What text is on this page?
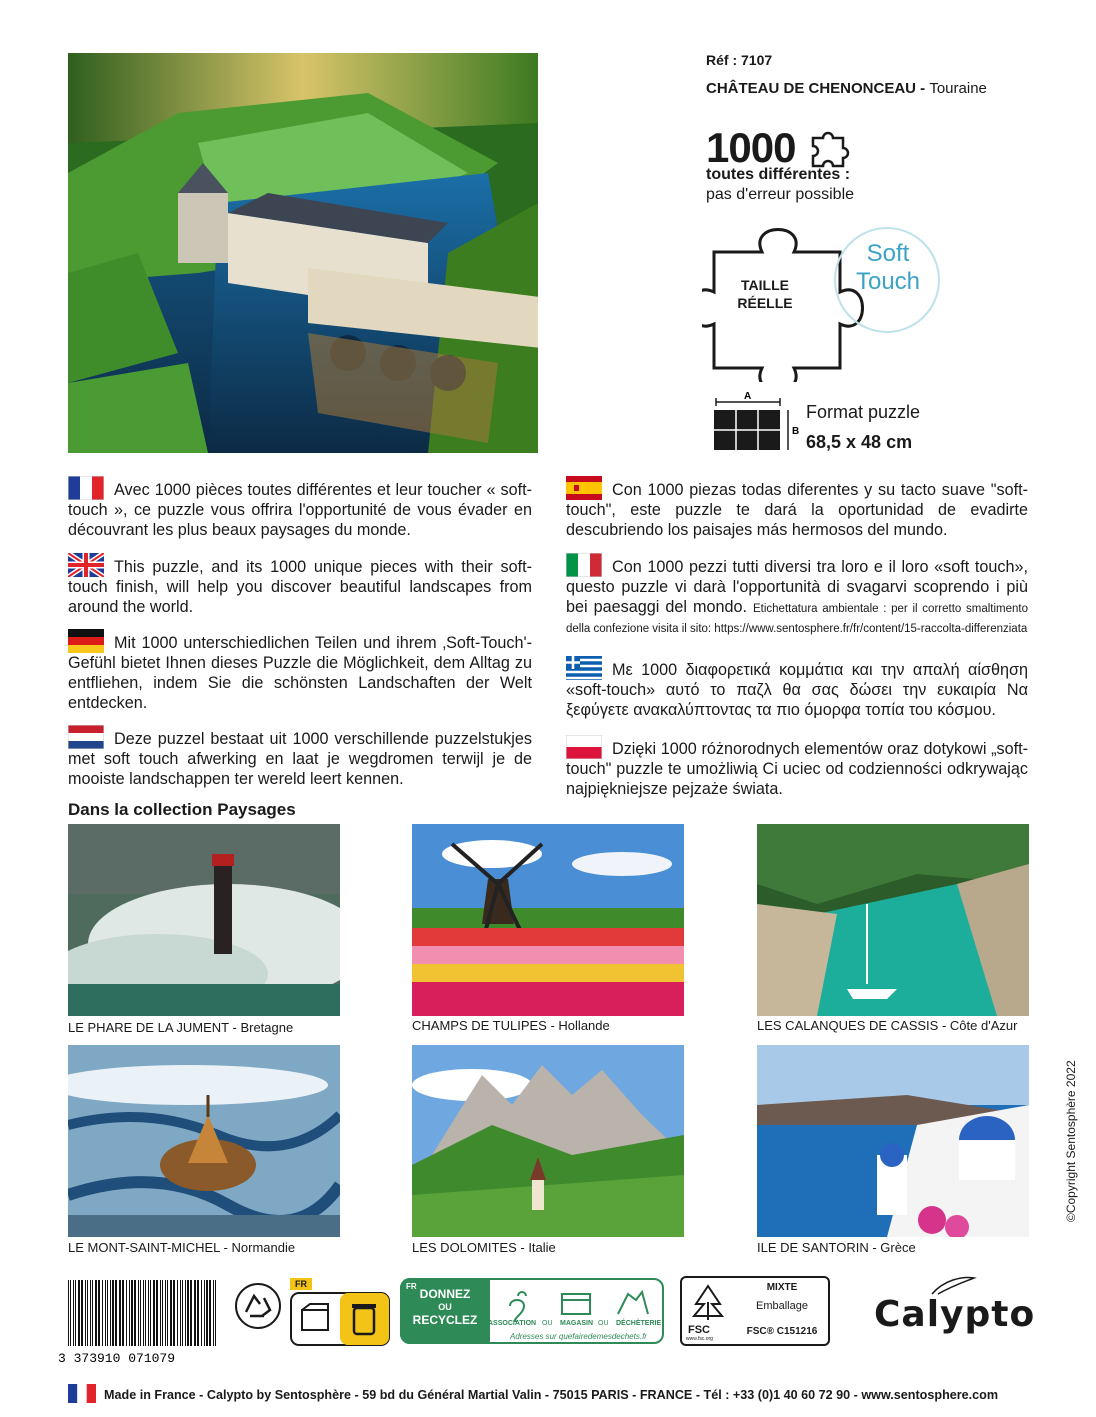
Réf : 7107
CHÂTEAU DE CHENONCEAU - Touraine
1000
toutes différentes :
pas d'erreur possible
TAILLE
RÉELLE
Soft
Touch
A
B
Format puzzle
68,5 x 48 cm
Avec 1000 pièces toutes différentes et leur toucher « soft-touch », ce puzzle vous offrira l'opportunité de vous évader en découvrant les plus beaux paysages du monde.
This puzzle, and its 1000 unique pieces with their soft-touch finish, will help you discover beautiful landscapes from around the world.
Mit 1000 unterschiedlichen Teilen und ihrem ‚Soft-Touch'-Gefühl bietet Ihnen dieses Puzzle die Möglichkeit, dem Alltag zu entfliehen, indem Sie die schönsten Landschaften der Welt entdecken.
Deze puzzel bestaat uit 1000 verschillende puzzelstukjes met soft touch afwerking en laat je wegdromen terwijl je de mooiste landschappen ter wereld leert kennen.
Con 1000 piezas todas diferentes y su tacto suave "soft-touch", este puzzle te dará la oportunidad de evadirte descubriendo los paisajes más hermosos del mundo.
Con 1000 pezzi tutti diversi tra loro e il loro «soft touch», questo puzzle vi darà l'opportunità di svagarvi scoprendo i più bei paesaggi del mondo. Etichettatura ambientale : per il corretto smaltimento della confezione visita il sito: https://www.sentosphere.fr/fr/content/15-raccolta-differenziata
Με 1000 διαφορετικά κομμάτια και την απαλή αίσθηση «soft-touch» αυτό το παζλ θα σας δώσει την ευκαιρία Να ξεφύγετε ανακαλύπτοντας τα πιο όμορφα τοπία του κόσμου.
Dzięki 1000 różnorodnych elementów oraz dotykowi „soft-touch" puzzle te umożliwią Ci uciec od codzienności odkrywając najpiękniejsze pejzaże świata.
Dans la collection Paysages
LE PHARE DE LA JUMENT - Bretagne	CHAMPS DE TULIPES - Hollande	LES CALANQUES DE CASSIS - Côte d'Azur
LE MONT-SAINT-MICHEL - Normandie	LES DOLOMITES - Italie	ILE DE SANTORIN - Grèce
©Copyright Sentosphère 2022
3 373910 071079
FR	FR
DONNEZ
OU
RECYCLEZ	ASSOCIATION OU MAGASIN OU DÉCHÈTERIE
Adresses sur quefairedemesdechets.fr
FSC
www.fsc.org
MIXTE
Emballage
FSC® C151216 Calypto
Made in France - Calypto by Sentosphère - 59 bd du Général Martial Valin - 75015 PARIS - FRANCE - Tél : +33 (0)1 40 60 72 90 - www.sentosphere.com
